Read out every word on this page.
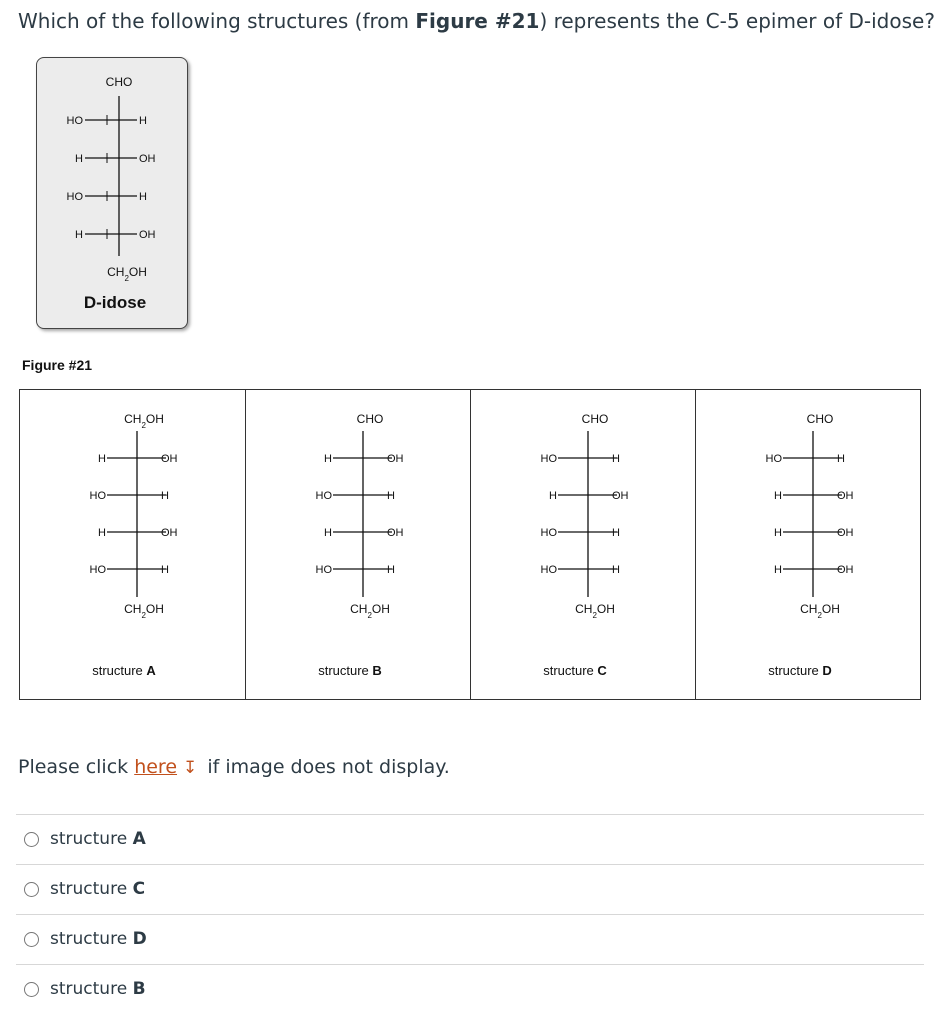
Which of the following structures (from Figure #21) represents the C-5 epimer of D-idose?
CHO
HO	H
H	OH
HO	H
H	OH
D-idose
$CH_2OH$
Figure #21
$CH_2OH$
H	OH
HO	H
H	OH
HO	H
$CH_2OH$
structure A
CHO
H	OH
HO	H
H	OH
HO	H
$CH_2OH$
structure B
CHO
HO	H
H	OH
HO	H
HO	H
$CH_2OH$
structure C
CHO
HO	H
H	OH
H	OH
H	OH
$CH_2OH$
structure D
Please click here ↧ if image does not display.
structure A
structure C
structure D
structure B
